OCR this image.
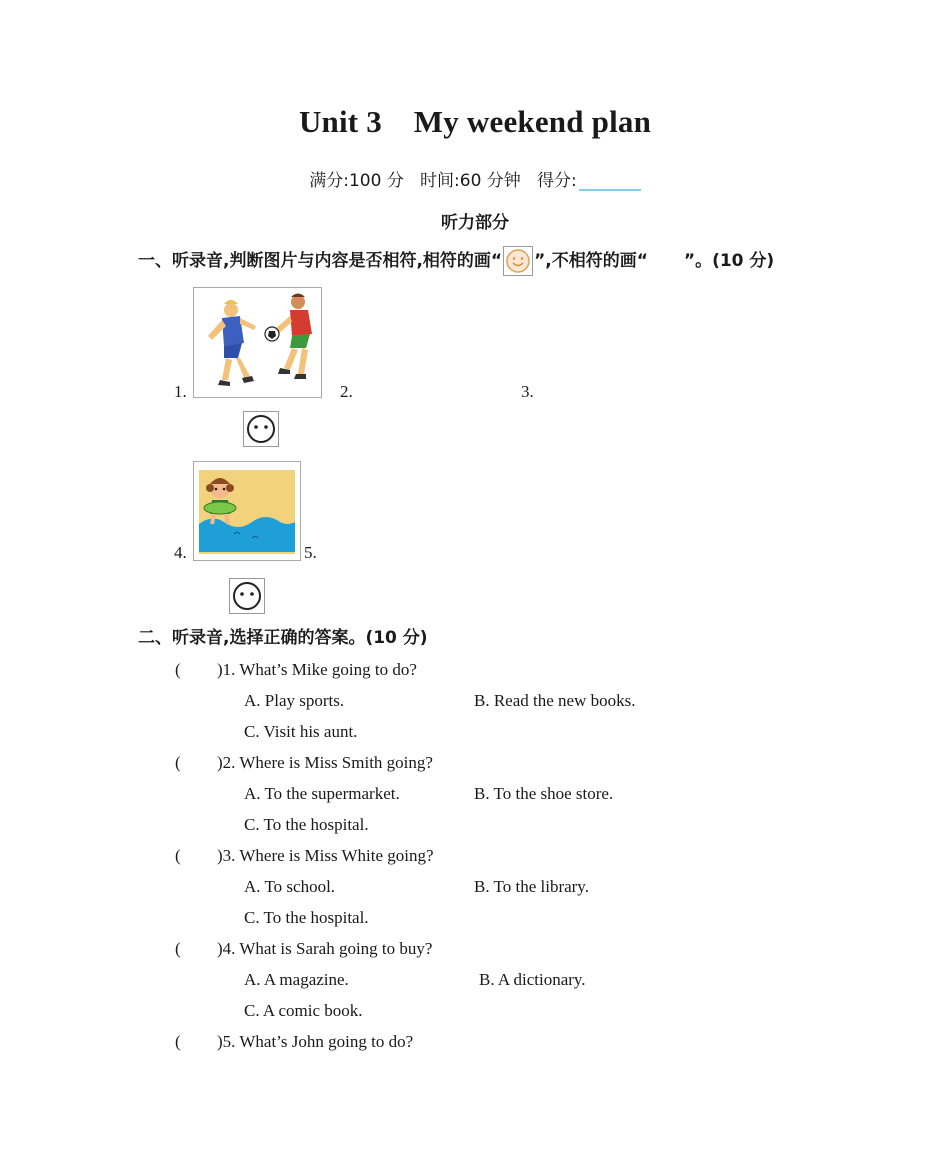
Unit 3    My weekend plan
满分:100 分 时间:60 分钟 得分:
听力部分
一、听录音,判断图片与内容是否相符,相符的画“ ”,不相符的画“ ”。(10 分)
1.	2.	3.
4.	5.
二、听录音,选择正确的答案。(10 分)
( )1. What’s Mike going to do?
A. Play sports.	B. Read the new books.
C. Visit his aunt.
( )2. Where is Miss Smith going?
A. To the supermarket.	B. To the shoe store.
C. To the hospital.
( )3. Where is Miss White going?
A. To school.	B. To the library.
C. To the hospital.
( )4. What is Sarah going to buy?
A. A magazine.	B. A dictionary.
C. A comic book.
( )5. What’s John going to do?
